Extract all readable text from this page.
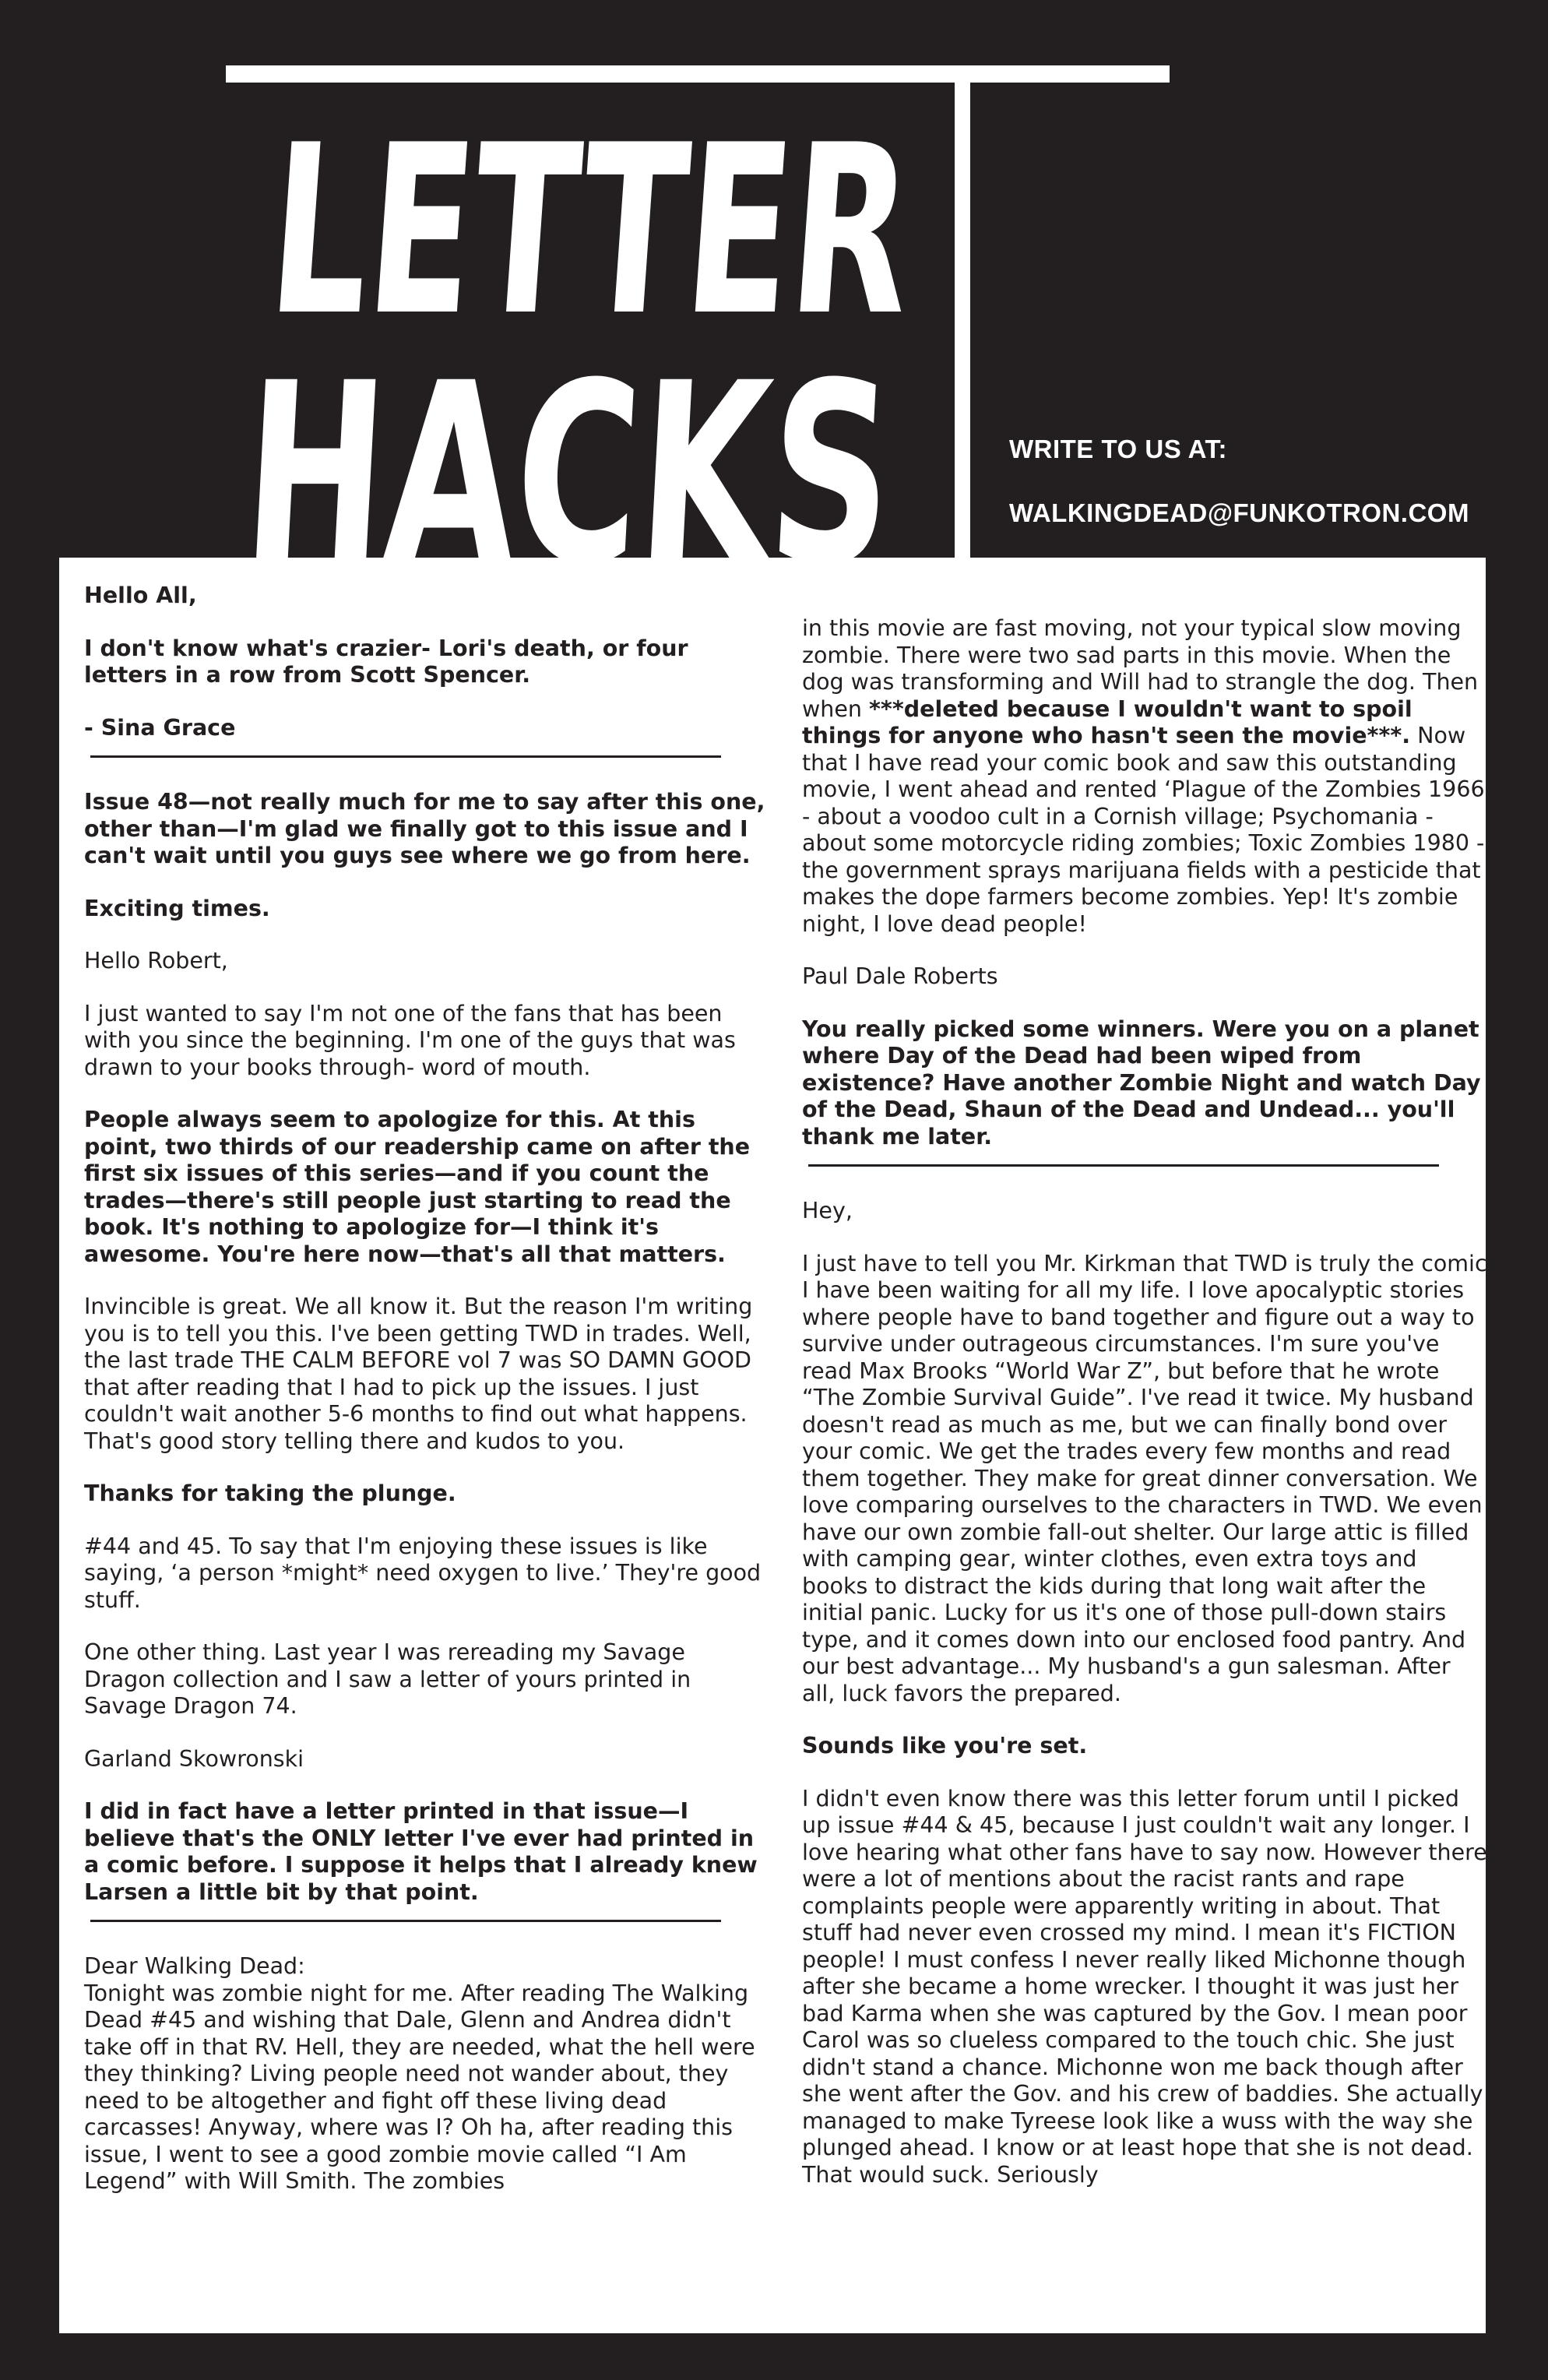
LETTER
HACKS
WRITE TO US AT:
WALKINGDEAD@FUNKOTRON.COM

Hello All,

I don't know what's crazier- Lori's death, or four letters in a row from Scott Spencer.

- Sina Grace

Issue 48—not really much for me to say after this one, other than—I'm glad we finally got to this issue and I can't wait until you guys see where we go from here.

Exciting times.

Hello Robert,

I just wanted to say I'm not one of the fans that has been with you since the beginning. I'm one of the guys that was drawn to your books through- word of mouth.

People always seem to apologize for this. At this point, two thirds of our readership came on after the first six issues of this series—and if you count the trades—there's still people just starting to read the book. It's nothing to apologize for—I think it's awesome. You're here now—that's all that matters.

Invincible is great. We all know it. But the reason I'm writing you is to tell you this. I've been getting TWD in trades. Well, the last trade THE CALM BEFORE vol 7 was SO DAMN GOOD that after reading that I had to pick up the issues. I just couldn't wait another 5-6 months to find out what happens. That's good story telling there and kudos to you.

Thanks for taking the plunge.

#44 and 45. To say that I'm enjoying these issues is like saying, ‘a person *might* need oxygen to live.’ They're good stuff.

One other thing. Last year I was rereading my Savage Dragon collection and I saw a letter of yours printed in Savage Dragon 74.

Garland Skowronski

I did in fact have a letter printed in that issue—I believe that's the ONLY letter I've ever had printed in a comic before. I suppose it helps that I already knew Larsen a little bit by that point.

Dear Walking Dead:

Tonight was zombie night for me. After reading The Walking Dead #45 and wishing that Dale, Glenn and Andrea didn't take off in that RV. Hell, they are needed, what the hell were they thinking? Living people need not wander about, they need to be altogether and fight off these living dead carcasses! Anyway, where was I? Oh ha, after reading this issue, I went to see a good zombie movie called “I Am Legend” with Will Smith. The zombies

in this movie are fast moving, not your typical slow moving zombie. There were two sad parts in this movie. When the dog was transforming and Will had to strangle the dog. Then when ***deleted because I wouldn't want to spoil things for anyone who hasn't seen the movie***. Now that I have read your comic book and saw this outstanding movie, I went ahead and rented ‘Plague of the Zombies 1966 - about a voodoo cult in a Cornish village; Psychomania - about some motorcycle riding zombies; Toxic Zombies 1980 - the government sprays marijuana fields with a pesticide that makes the dope farmers become zombies. Yep! It's zombie night, I love dead people!

Paul Dale Roberts

You really picked some winners. Were you on a planet where Day of the Dead had been wiped from existence? Have another Zombie Night and watch Day of the Dead, Shaun of the Dead and Undead... you'll thank me later.

Hey,

I just have to tell you Mr. Kirkman that TWD is truly the comic I have been waiting for all my life. I love apocalyptic stories where people have to band together and figure out a way to survive under outrageous circumstances. I'm sure you've read Max Brooks “World War Z”, but before that he wrote “The Zombie Survival Guide”. I've read it twice. My husband doesn't read as much as me, but we can finally bond over your comic. We get the trades every few months and read them together. They make for great dinner conversation. We love comparing ourselves to the characters in TWD. We even have our own zombie fall-out shelter. Our large attic is filled with camping gear, winter clothes, even extra toys and books to distract the kids during that long wait after the initial panic. Lucky for us it's one of those pull-down stairs type, and it comes down into our enclosed food pantry. And our best advantage... My husband's a gun salesman. After all, luck favors the prepared.

Sounds like you're set.

I didn't even know there was this letter forum until I picked up issue #44 & 45, because I just couldn't wait any longer. I love hearing what other fans have to say now. However there were a lot of mentions about the racist rants and rape complaints people were apparently writing in about. That stuff had never even crossed my mind. I mean it's FICTION people! I must confess I never really liked Michonne though after she became a home wrecker. I thought it was just her bad Karma when she was captured by the Gov. I mean poor Carol was so clueless compared to the touch chic. She just didn't stand a chance. Michonne won me back though after she went after the Gov. and his crew of baddies. She actually managed to make Tyreese look like a wuss with the way she plunged ahead. I know or at least hope that she is not dead. That would suck. Seriously
